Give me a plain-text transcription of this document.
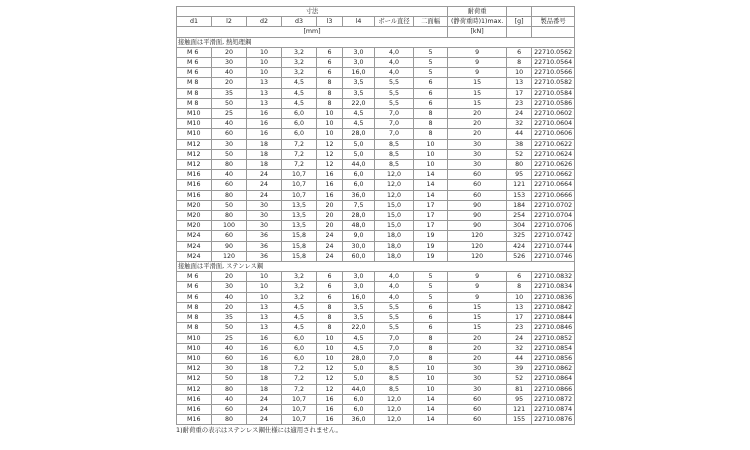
寸法								耐荷重		
d1	l2	d2	d3	l3	l4	ボール直径	二面幅	(静荷重時)1)max.	[g]	製品番号
[mm]								[kN]		
接触面は平滑面, 熱処理鋼										
M 6	20	10	3,2	6	3,0	4,0	5	9	6	22710.0562
M 6	30	10	3,2	6	3,0	4,0	5	9	8	22710.0564
M 6	40	10	3,2	6	16,0	4,0	5	9	10	22710.0566
M 8	20	13	4,5	8	3,5	5,5	6	15	13	22710.0582
M 8	35	13	4,5	8	3,5	5,5	6	15	17	22710.0584
M 8	50	13	4,5	8	22,0	5,5	6	15	23	22710.0586
M10	25	16	6,0	10	4,5	7,0	8	20	24	22710.0602
M10	40	16	6,0	10	4,5	7,0	8	20	32	22710.0604
M10	60	16	6,0	10	28,0	7,0	8	20	44	22710.0606
M12	30	18	7,2	12	5,0	8,5	10	30	38	22710.0622
M12	50	18	7,2	12	5,0	8,5	10	30	52	22710.0624
M12	80	18	7,2	12	44,0	8,5	10	30	80	22710.0626
M16	40	24	10,7	16	6,0	12,0	14	60	95	22710.0662
M16	60	24	10,7	16	6,0	12,0	14	60	121	22710.0664
M16	80	24	10,7	16	36,0	12,0	14	60	153	22710.0666
M20	50	30	13,5	20	7,5	15,0	17	90	184	22710.0702
M20	80	30	13,5	20	28,0	15,0	17	90	254	22710.0704
M20	100	30	13,5	20	48,0	15,0	17	90	304	22710.0706
M24	60	36	15,8	24	9,0	18,0	19	120	325	22710.0742
M24	90	36	15,8	24	30,0	18,0	19	120	424	22710.0744
M24	120	36	15,8	24	60,0	18,0	19	120	526	22710.0746
接触面は平滑面, ステンレス鋼										
M 6	20	10	3,2	6	3,0	4,0	5	9	6	22710.0832
M 6	30	10	3,2	6	3,0	4,0	5	9	8	22710.0834
M 6	40	10	3,2	6	16,0	4,0	5	9	10	22710.0836
M 8	20	13	4,5	8	3,5	5,5	6	15	13	22710.0842
M 8	35	13	4,5	8	3,5	5,5	6	15	17	22710.0844
M 8	50	13	4,5	8	22,0	5,5	6	15	23	22710.0846
M10	25	16	6,0	10	4,5	7,0	8	20	24	22710.0852
M10	40	16	6,0	10	4,5	7,0	8	20	32	22710.0854
M10	60	16	6,0	10	28,0	7,0	8	20	44	22710.0856
M12	30	18	7,2	12	5,0	8,5	10	30	39	22710.0862
M12	50	18	7,2	12	5,0	8,5	10	30	52	22710.0864
M12	80	18	7,2	12	44,0	8,5	10	30	81	22710.0866
M16	40	24	10,7	16	6,0	12,0	14	60	95	22710.0872
M16	60	24	10,7	16	6,0	12,0	14	60	121	22710.0874
M16	80	24	10,7	16	36,0	12,0	14	60	155	22710.0876
1)耐荷重の表示はステンレス鋼仕様には適用されません。
